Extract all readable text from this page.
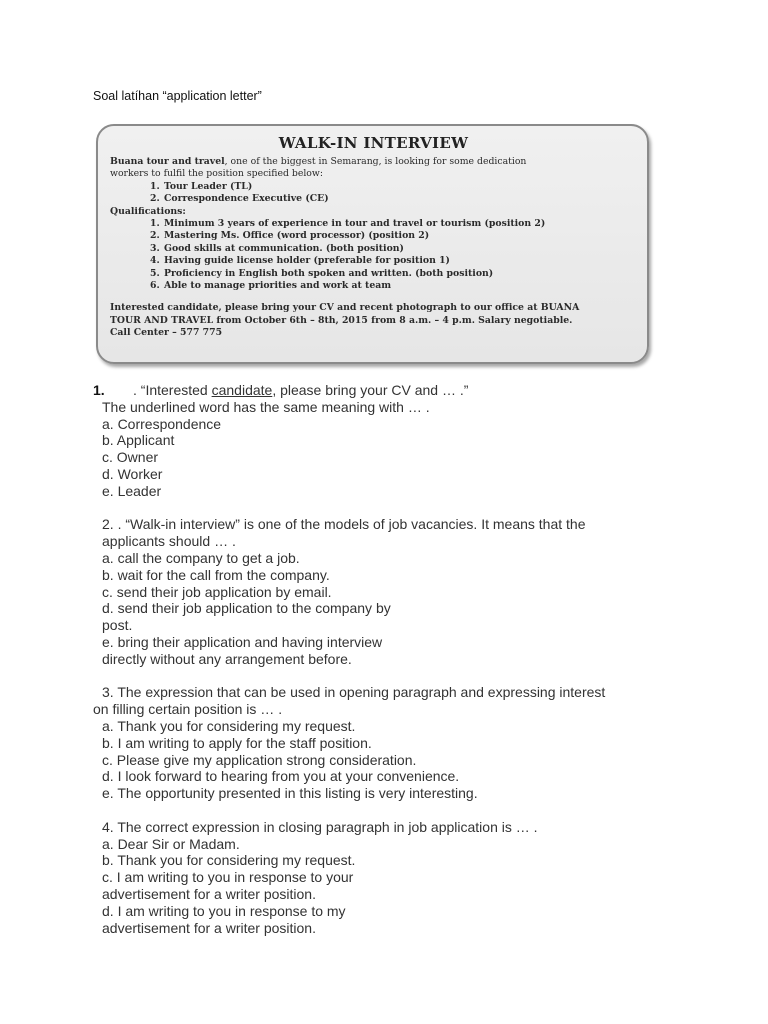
Soal latíhan “application letter”
WALK-IN INTERVIEW

Buana tour and travel, one of the biggest in Semarang, is looking for some dedication

workers to fulfil the position specified below:

1. Tour Leader (TL)
2. Correspondence Executive (CE)

Qualifications:

1. Minimum 3 years of experience in tour and travel or tourism (position 2)
2. Mastering Ms. Office (word processor) (position 2)
3. Good skills at communication. (both position)
4. Having guide license holder (preferable for position 1)
5. Proficiency in English both spoken and written. (both position)
6. Able to manage priorities and work at team

Interested candidate, please bring your CV and recent photograph to our office at BUANA

TOUR AND TRAVEL from October 6th – 8th, 2015 from 8 a.m. – 4 p.m. Salary negotiable.

Call Center – 577 775

1. . “Interested candidate, please bring your CV and … .”
The underlined word has the same meaning with … .
a. Correspondence
b. Applicant
c. Owner
d. Worker
e. Leader
2. . “Walk-in interview” is one of the models of job vacancies. It means that the
applicants should … .
a. call the company to get a job.
b. wait for the call from the company.
c. send their job application by email.
d. send their job application to the company by
post.
e. bring their application and having interview
directly without any arrangement before.
3. The expression that can be used in opening paragraph and expressing interest
on filling certain position is … .
a. Thank you for considering my request.
b. I am writing to apply for the staff position.
c. Please give my application strong consideration.
d. I look forward to hearing from you at your convenience.
e. The opportunity presented in this listing is very interesting.
4. The correct expression in closing paragraph in job application is … .
a. Dear Sir or Madam.
b. Thank you for considering my request.
c. I am writing to you in response to your
advertisement for a writer position.
d. I am writing to you in response to my
advertisement for a writer position.
